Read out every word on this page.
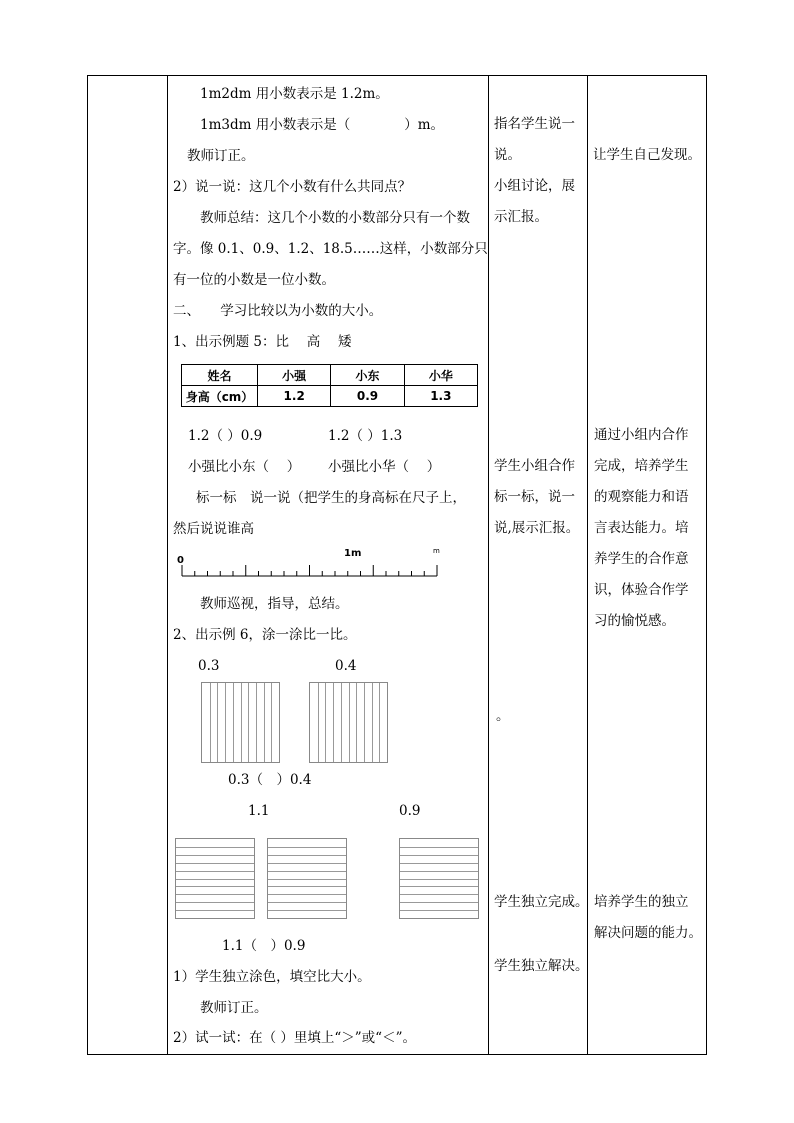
1m2dm 用小数表示是 1.2m。
1m3dm 用小数表示是（　　　　）m。
教师订正。
2）说一说：这几个小数有什么共同点？
教师总结：这几个小数的小数部分只有一个数
字。像 0.1、0.9、1.2、18.5……这样，小数部分只
有一位的小数是一位小数。
二、　　学习比较以为小数的大小。
1、出示例题 5：比　 高　 矮
姓名	小强	小东	小华
身高（cm）	1.2	0.9	1.3
1.2（ ）0.9	1.2（ ）1.3
小强比小东（　 ） 小强比小华（　 ）
标一标　说一说（把学生的身高标在尺子上，
然后说说谁高
0
1m	m
教师巡视，指导，总结。
2、出示例 6，涂一涂比一比。
0.3	0.4
0.3（　）0.4
1.1	0.9
1.1（　）0.9
1）学生独立涂色，填空比大小。
教师订正。
2）试一试：在（ ）里填上“＞”或“＜”。
指名学生说一
说。
小组讨论，展
示汇报。
学生小组合作
标一标，说一
说,展示汇报。
。
学生独立完成。
学生独立解决。
让学生自己发现。
通过小组内合作
完成，培养学生
的观察能力和语
言表达能力。培
养学生的合作意
识，体验合作学
习的愉悦感。
培养学生的独立
解决问题的能力。
